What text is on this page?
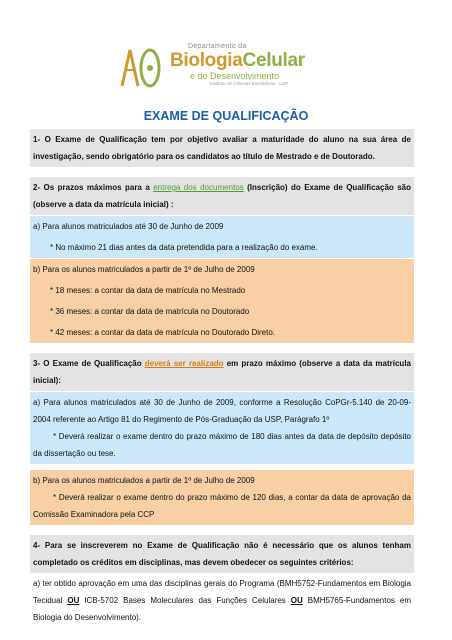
Departamento da
BiologiaCelular
e do Desenvolvimento
Instituto de Ciências Biomédicas · USP
EXAME DE QUALIFICAÇÃO
1- O Exame de Qualificação tem por objetivo avaliar a maturidade do aluno na sua área de investigação, sendo obrigatório para os candidatos ao título de Mestrado e de Doutorado.
2- Os prazos máximos para a entrega dos documentos (Inscrição) do Exame de Qualificação são (observe a data da matrícula inicial) :
a) Para alunos matriculados até 30 de Junho de 2009
* No máximo 21 dias antes da data pretendida para a realização do exame.
b) Para os alunos matriculados a partir de 1º de Julho de 2009
* 18 meses: a contar da data de matrícula no Mestrado
* 36 meses: a contar da data de matrícula no Doutorado
* 42 meses: a contar da data de matrícula no Doutorado Direto.
3- O Exame de Qualificação deverá ser realizado em prazo máximo (observe a data da matrícula inicial):
a) Para alunos matriculados até 30 de Junho de 2009, conforme a Resolução CoPGr-5.140 de 20-09-2004 referente ao Artigo 81 do Regimento de Pós-Graduação da USP, Parágrafo 1º
* Deverá realizar o exame dentro do prazo máximo de 180 dias antes da data de depósito depósito da dissertação ou tese.
b) Para os alunos matriculados a partir de 1º de Julho de 2009
* Deverá realizar o exame dentro do prazo máximo de 120 dias, a contar da data de aprovação da Comissão Examinadora pela CCP
4- Para se inscreverem no Exame de Qualificação não é necessário que os alunos tenham completado os créditos em disciplinas, mas devem obedecer os seguintes critérios:
a) ter obtido aprovação em uma das disciplinas gerais do Programa (BMH5752-Fundamentos em Biologia Tecidual OU ICB-5702 Bases Moleculares das Funções Celulares OU BMH5765-Fundamentos em Biologia do Desenvolvimento).
